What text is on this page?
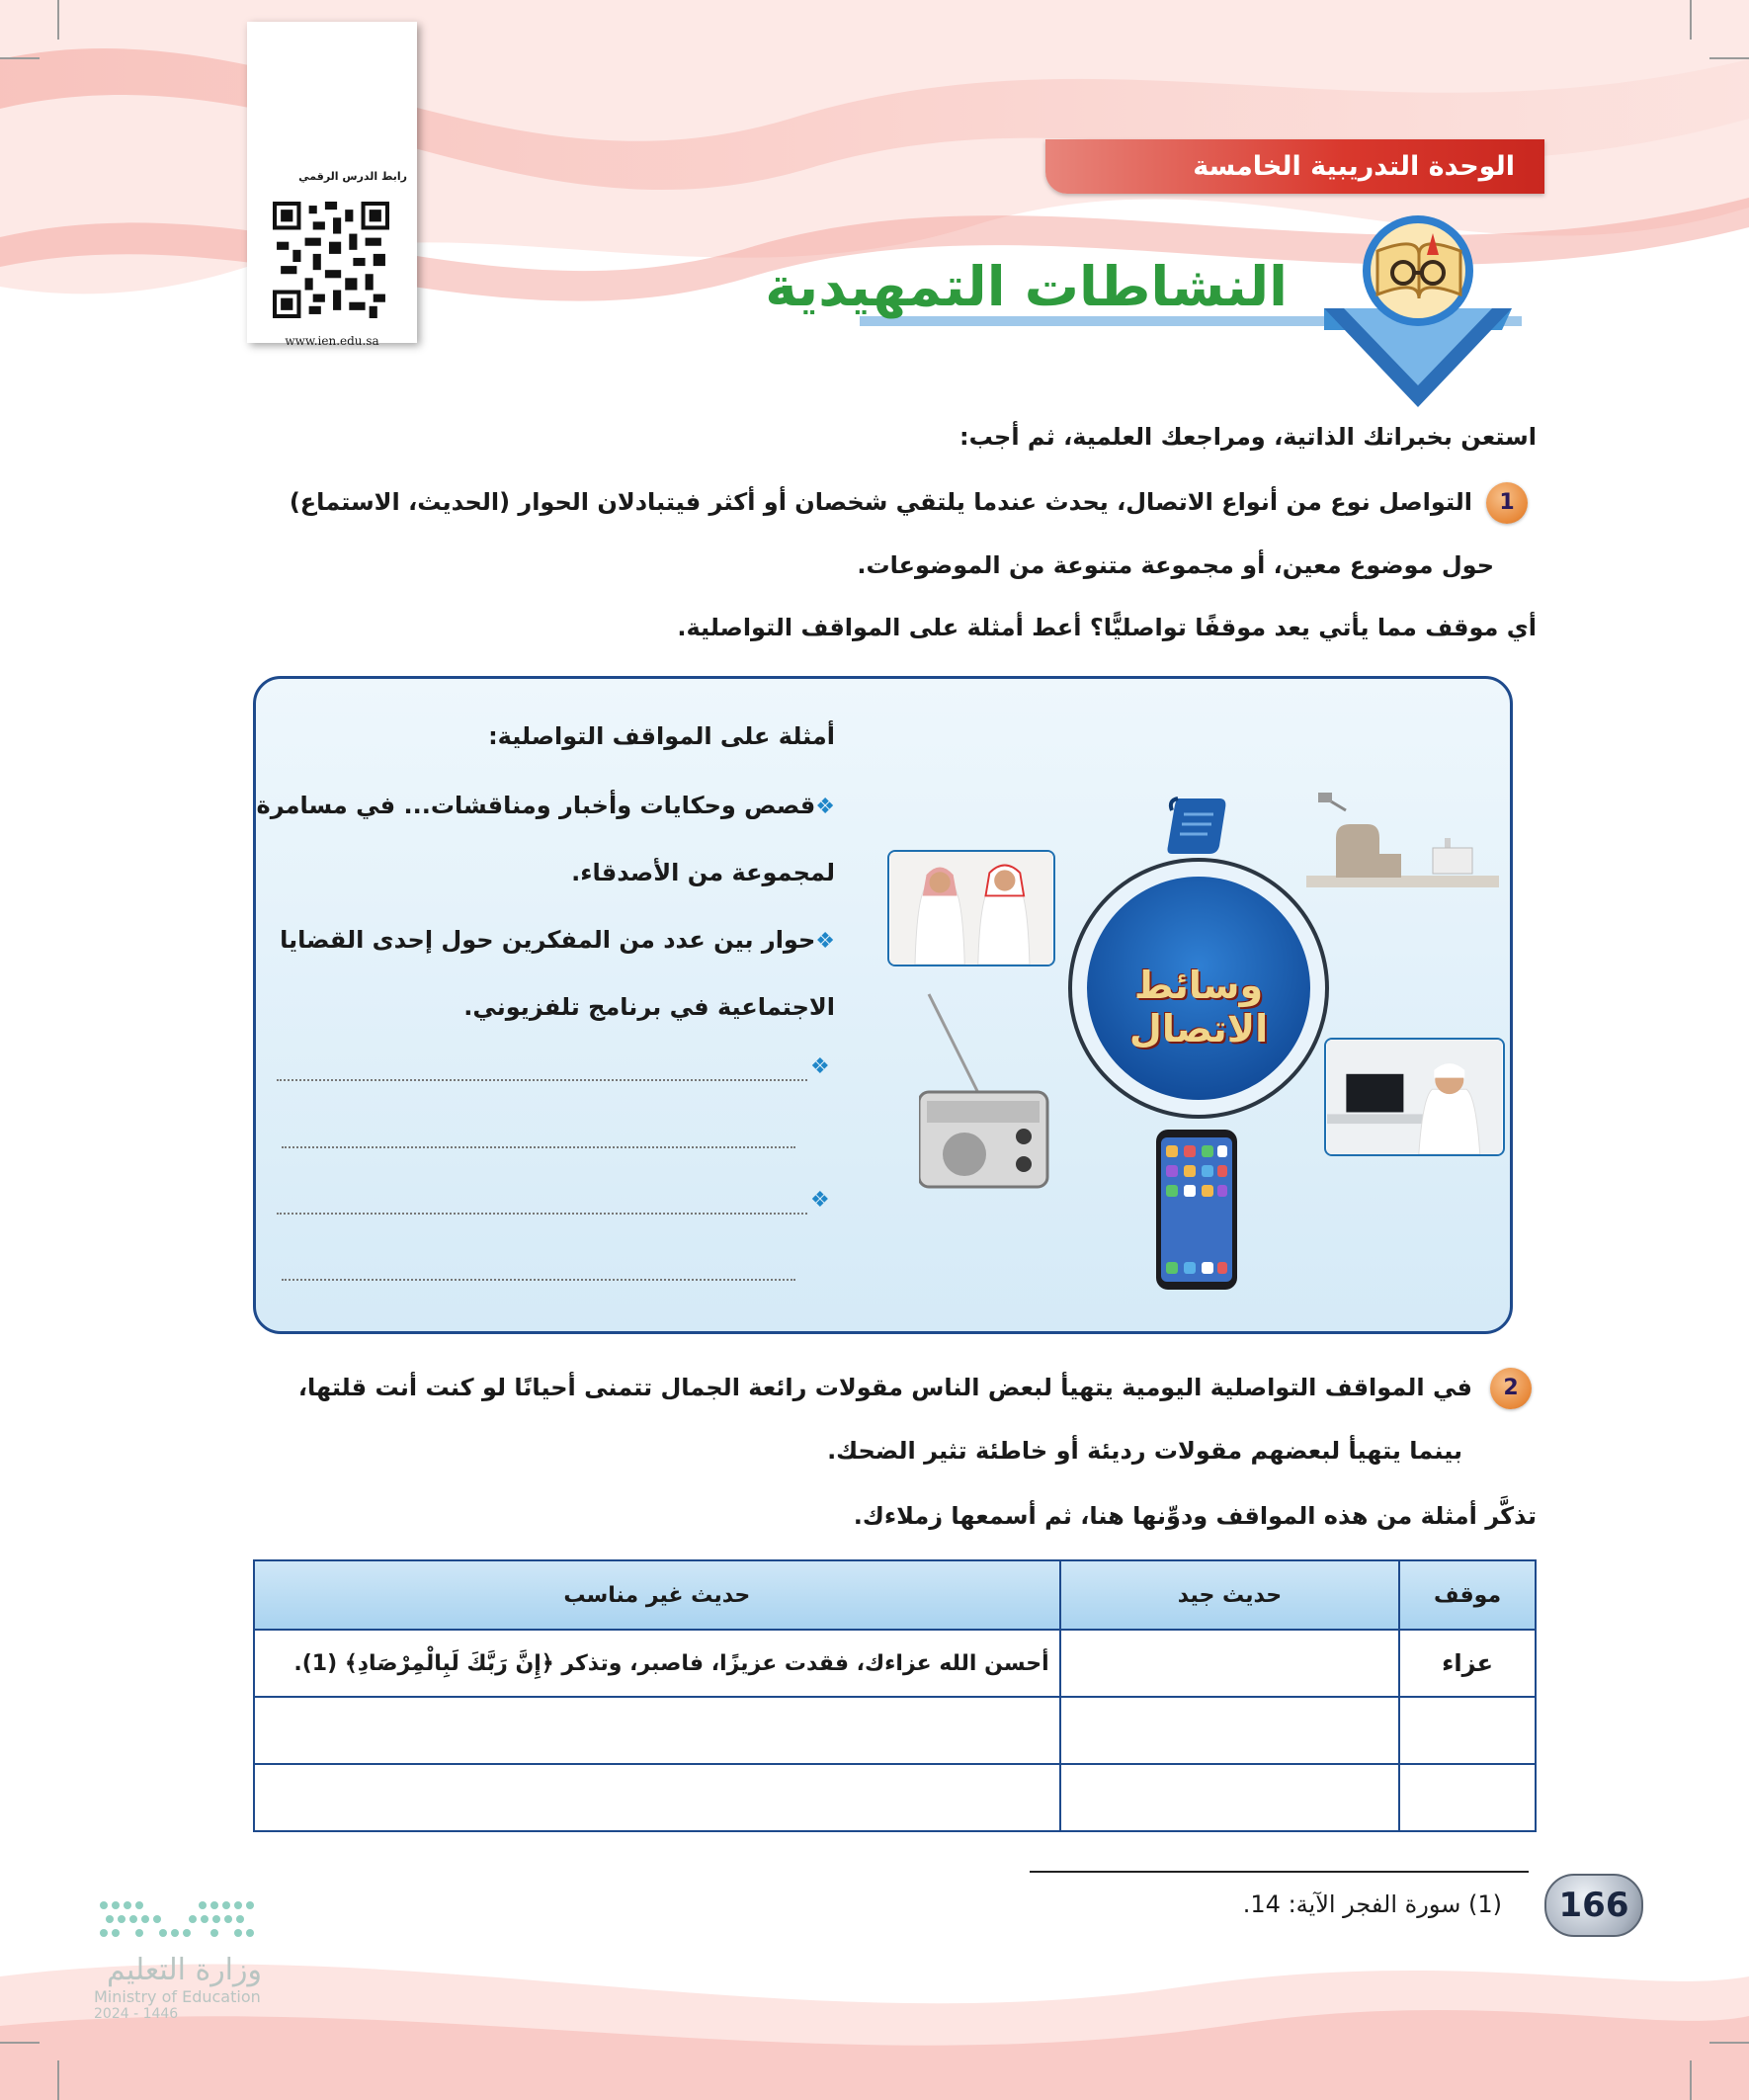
الوحدة التدريبية الخامسة
النشاطات التمهيدية
رابط الدرس الرقمي
www.ien.edu.sa
استعن بخبراتك الذاتية، ومراجعك العلمية، ثم أجب:
1
التواصل نوع من أنواع الاتصال، يحدث عندما يلتقي شخصان أو أكثر فيتبادلان الحوار (الحديث، الاستماع)
حول موضوع معين، أو مجموعة متنوعة من الموضوعات.
أي موقف مما يأتي يعد موقفًا تواصليًّا؟ أعط أمثلة على المواقف التواصلية.
أمثلة على المواقف التواصلية:
❖قصص وحكايات وأخبار ومناقشات... في مسامرة
لمجموعة من الأصدقاء.
❖حوار بين عدد من المفكرين حول إحدى القضايا
الاجتماعية في برنامج تلفزيوني.
❖
❖
وسائط الاتصال
2
في المواقف التواصلية اليومية يتهيأ لبعض الناس مقولات رائعة الجمال تتمنى أحيانًا لو كنت أنت قلتها،
بينما يتهيأ لبعضهم مقولات رديئة أو خاطئة تثير الضحك.
تذكَّر أمثلة من هذه المواقف ودوِّنها هنا، ثم أسمعها زملاءك.
موقف	حديث جيد	حديث غير مناسب
عزاء		أحسن الله عزاءك، فقدت عزيزًا، فاصبر، وتذكر ﴿إِنَّ رَبَّكَ لَبِالْمِرْصَادِ﴾ (1).

(1) سورة الفجر الآية: 14.	166
وزارة التعليم
Ministry of Education
2024 - 1446
